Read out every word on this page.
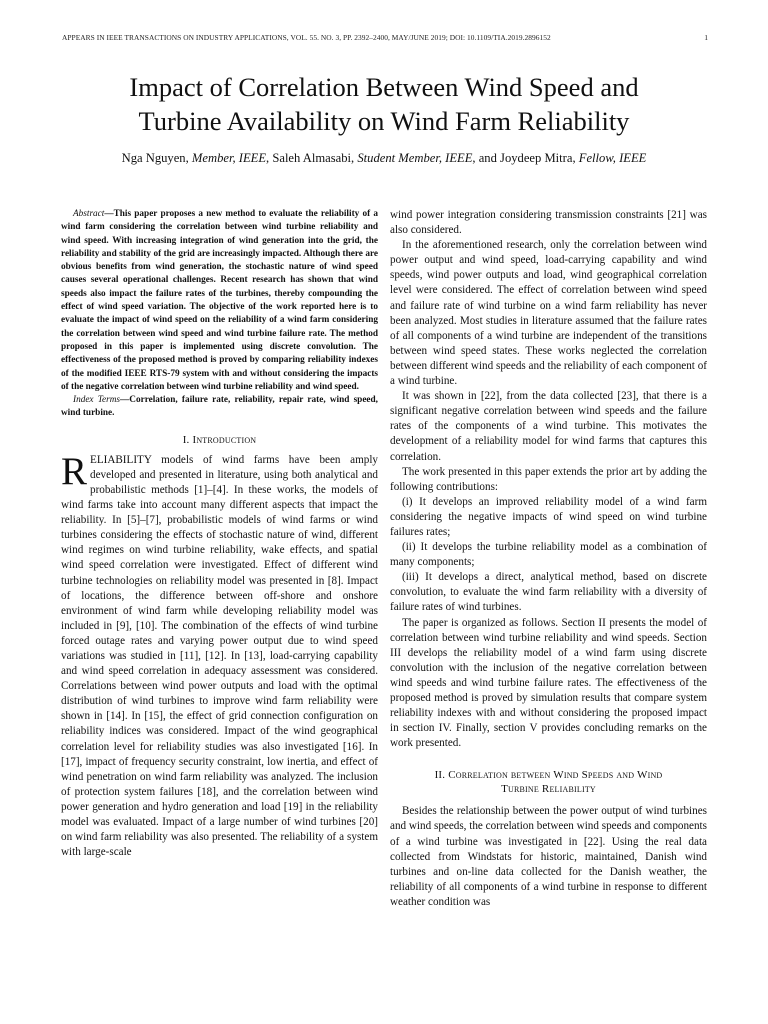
APPEARS IN IEEE TRANSACTIONS ON INDUSTRY APPLICATIONS, VOL. 55. NO. 3, PP. 2392–2400, MAY/JUNE 2019; DOI: 10.1109/TIA.2019.2896152	1
Impact of Correlation Between Wind Speed and
Turbine Availability on Wind Farm Reliability
Nga Nguyen, Member, IEEE, Saleh Almasabi, Student Member, IEEE, and Joydeep Mitra, Fellow, IEEE

Abstract—This paper proposes a new method to evaluate the reliability of a wind farm considering the correlation between wind turbine reliability and wind speed. With increasing integration of wind generation into the grid, the reliability and stability of the grid are increasingly impacted. Although there are obvious benefits from wind generation, the stochastic nature of wind speed causes several operational challenges. Recent research has shown that wind speeds also impact the failure rates of the turbines, thereby compounding the effect of wind speed variation. The objective of the work reported here is to evaluate the impact of wind speed on the reliability of a wind farm considering the correlation between wind speed and wind turbine failure rate. The method proposed in this paper is implemented using discrete convolution. The effectiveness of the proposed method is proved by comparing reliability indexes of the modified IEEE RTS-79 system with and without considering the impacts of the negative correlation between wind turbine reliability and wind speed.

Index Terms—Correlation, failure rate, reliability, repair rate, wind speed, wind turbine.

I. Introduction

RELIABILITY models of wind farms have been amply developed and presented in literature, using both analytical and probabilistic methods [1]–[4]. In these works, the models of wind farms take into account many different aspects that impact the reliability. In [5]–[7], probabilistic models of wind farms or wind turbines considering the effects of stochastic nature of wind, different wind regimes on wind turbine reliability, wake effects, and spatial wind speed correlation were investigated. Effect of different wind turbine technologies on reliability model was presented in [8]. Impact of locations, the difference between off-shore and onshore environment of wind farm while developing reliability model was included in [9], [10]. The combination of the effects of wind turbine forced outage rates and varying power output due to wind speed variations was studied in [11], [12]. In [13], load-carrying capability and wind speed correlation in adequacy assessment was considered. Correlations between wind power outputs and load with the optimal distribution of wind turbines to improve wind farm reliability were shown in [14]. In [15], the effect of grid connection configuration on reliability indices was considered. Impact of the wind geographical correlation level for reliability studies was also investigated [16]. In [17], impact of frequency security constraint, low inertia, and effect of wind penetration on wind farm reliability was analyzed. The inclusion of protection system failures [18], and the correlation between wind power generation and hydro generation and load [19] in the reliability model was evaluated. Impact of a large number of wind turbines [20] on wind farm reliability was also presented. The reliability of a system with large-scale

wind power integration considering transmission constraints [21] was also considered.

In the aforementioned research, only the correlation between wind power output and wind speed, load-carrying capability and wind speeds, wind power outputs and load, wind geographical correlation level were considered. The effect of correlation between wind speed and failure rate of wind turbine on a wind farm reliability has never been analyzed. Most studies in literature assumed that the failure rates of all components of a wind turbine are independent of the transitions between wind speed states. These works neglected the correlation between different wind speeds and the reliability of each component of a wind turbine.

It was shown in [22], from the data collected [23], that there is a significant negative correlation between wind speeds and the failure rates of the components of a wind turbine. This motivates the development of a reliability model for wind farms that captures this correlation.

The work presented in this paper extends the prior art by adding the following contributions:

(i) It develops an improved reliability model of a wind farm considering the negative impacts of wind speed on wind turbine failures rates;

(ii) It develops the turbine reliability model as a combination of many components;

(iii) It develops a direct, analytical method, based on discrete convolution, to evaluate the wind farm reliability with a diversity of failure rates of wind turbines.

The paper is organized as follows. Section II presents the model of correlation between wind turbine reliability and wind speeds. Section III develops the reliability model of a wind farm using discrete convolution with the inclusion of the negative correlation between wind speeds and wind turbine failure rates. The effectiveness of the proposed method is proved by simulation results that compare system reliability indexes with and without considering the proposed impact in section IV. Finally, section V provides concluding remarks on the work presented.

II. Correlation between Wind Speeds and Wind
Turbine Reliability

Besides the relationship between the power output of wind turbines and wind speeds, the correlation between wind speeds and components of a wind turbine was investigated in [22]. Using the real data collected from Windstats for historic, maintained, Danish wind turbines and on-line data collected for the Danish weather, the reliability of all components of a wind turbine in response to different weather condition was
